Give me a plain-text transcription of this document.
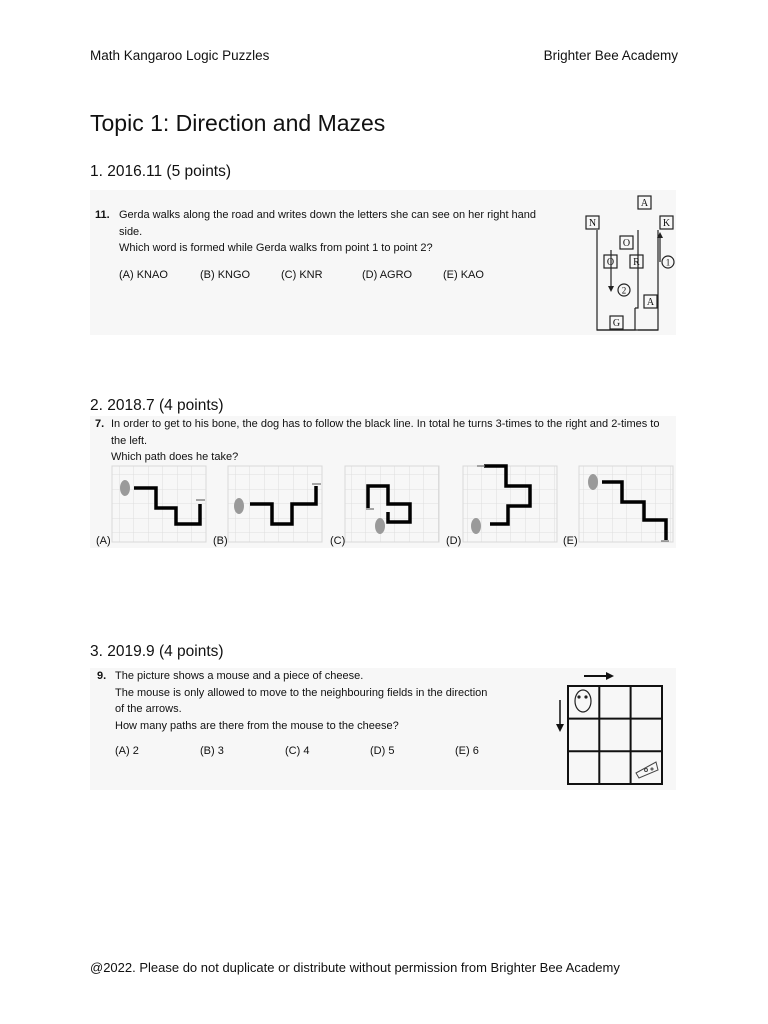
Math Kangaroo Logic Puzzles	Brighter Bee Academy
Topic 1: Direction and Mazes
1. 2016.11 (5 points)
11. Gerda walks along the road and writes down the letters she can see on her right hand
side.
Which word is formed while Gerda walks from point 1 to point 2?
(A) KNAO	(B) KNGO	(C) KNR	(D) AGRO	(E) KAO
A
N	K
O
O R
A
G
1
2
2. 2018.7 (4 points)
7. In order to get to his bone, the dog has to follow the black line. In total he turns 3-times to the right and 2-times to
the left.
Which path does he take?
(A)	(B)	(C)	(D)	(E)
3. 2019.9 (4 points)
9. The picture shows a mouse and a piece of cheese.
The mouse is only allowed to move to the neighbouring fields in the direction
of the arrows.
How many paths are there from the mouse to the cheese?
(A) 2	(B) 3	(C) 4	(D) 5	(E) 6
@2022. Please do not duplicate or distribute without permission from Brighter Bee Academy
